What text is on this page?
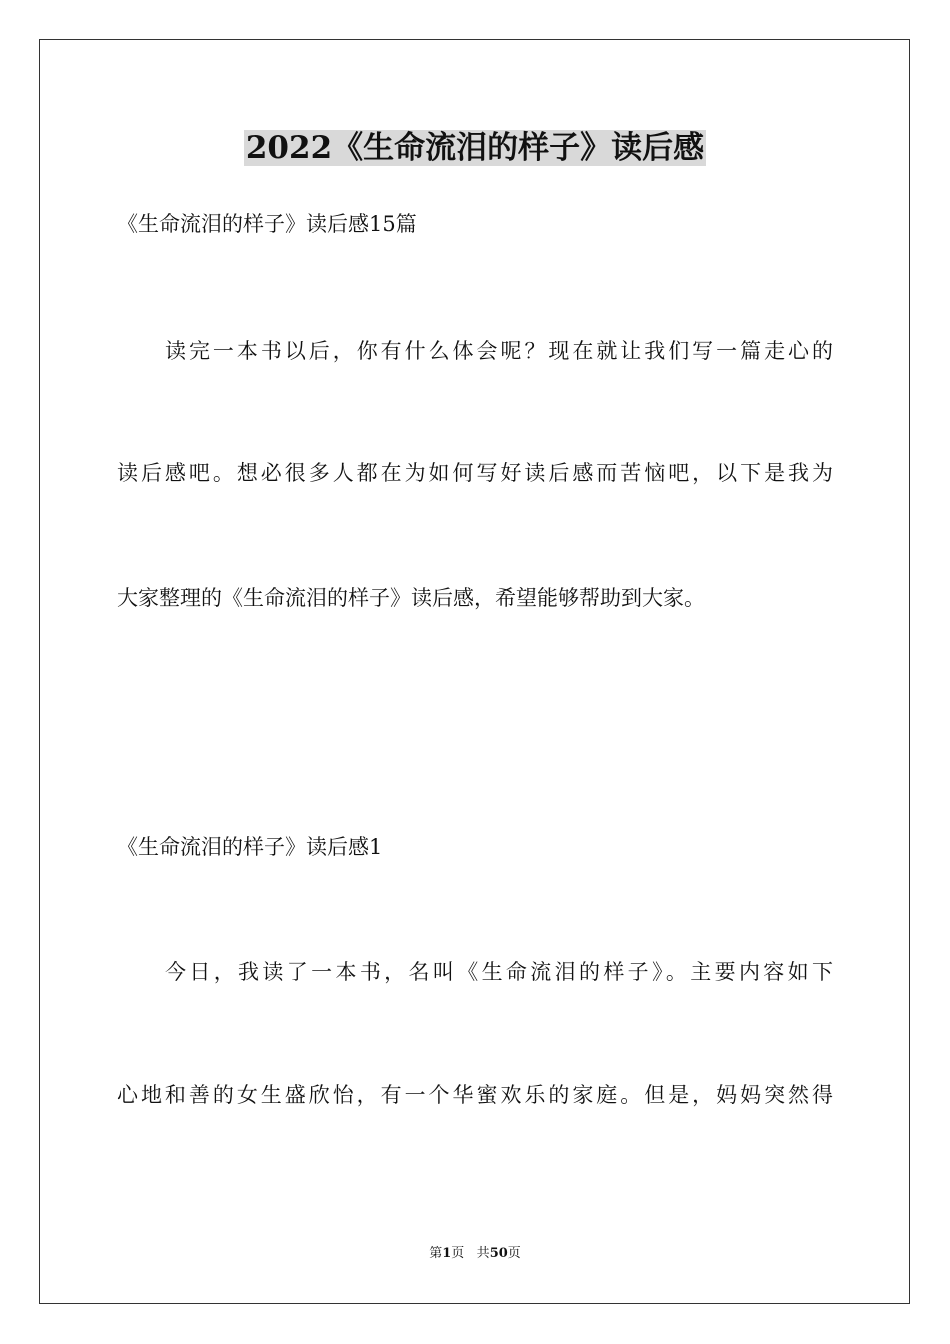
2022《生命流泪的样子》读后感
《生命流泪的样子》读后感15篇
读完一本书以后，你有什么体会呢？现在就让我们写一篇走心的
读后感吧。想必很多人都在为如何写好读后感而苦恼吧，以下是我为
大家整理的《生命流泪的样子》读后感，希望能够帮助到大家。
《生命流泪的样子》读后感1
今日，我读了一本书，名叫《生命流泪的样子》。主要内容如下
心地和善的女生盛欣怡，有一个华蜜欢乐的家庭。但是，妈妈突然得
第1页 共50页
